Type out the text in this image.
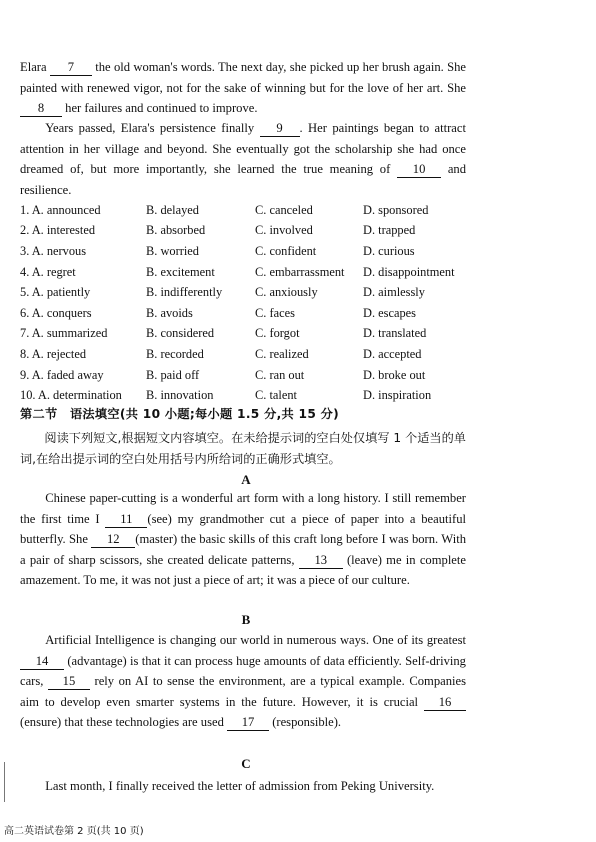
Elara 7 the old woman's words. The next day, she picked up her brush again. She painted with renewed vigor, not for the sake of winning but for the love of her art. She 8 her failures and continued to improve.
Years passed, Elara's persistence finally 9 . Her paintings began to attract attention in her village and beyond. She eventually got the scholarship she had once dreamed of, but more importantly, she learned the true meaning of 10 and resilience.
1. A. announced	B. delayed	C. canceled	D. sponsored
2. A. interested	B. absorbed	C. involved	D. trapped
3. A. nervous	B. worried	C. confident	D. curious
4. A. regret	B. excitement	C. embarrassment	D. disappointment
5. A. patiently	B. indifferently	C. anxiously	D. aimlessly
6. A. conquers	B. avoids	C. faces	D. escapes
7. A. summarized	B. considered	C. forgot	D. translated
8. A. rejected	B. recorded	C. realized	D. accepted
9. A. faded away	B. paid off	C. ran out	D. broke out
10. A. determination	B. innovation	C. talent	D. inspiration
第二节　语法填空(共 10 小题;每小题 1.5 分,共 15 分)
阅读下列短文,根据短文内容填空。在未给提示词的空白处仅填写 1 个适当的单词,在给出提示词的空白处用括号内所给词的正确形式填空。
A
Chinese paper-cutting is a wonderful art form with a long history. I still remember the first time I 11 (see) my grandmother cut a piece of paper into a beautiful butterfly. She 12 (master) the basic skills of this craft long before I was born. With a pair of sharp scissors, she created delicate patterns, 13 (leave) me in complete amazement. To me, it was not just a piece of art; it was a piece of our culture.
B
Artificial Intelligence is changing our world in numerous ways. One of its greatest 14 (advantage) is that it can process huge amounts of data efficiently. Self-driving cars, 15 rely on AI to sense the environment, are a typical example. Companies aim to develop even smarter systems in the future. However, it is crucial 16(ensure) that these technologies are used 17 (responsible).
C
Last month, I finally received the letter of admission from Peking University.
高二英语试卷第 2 页(共 10 页)
